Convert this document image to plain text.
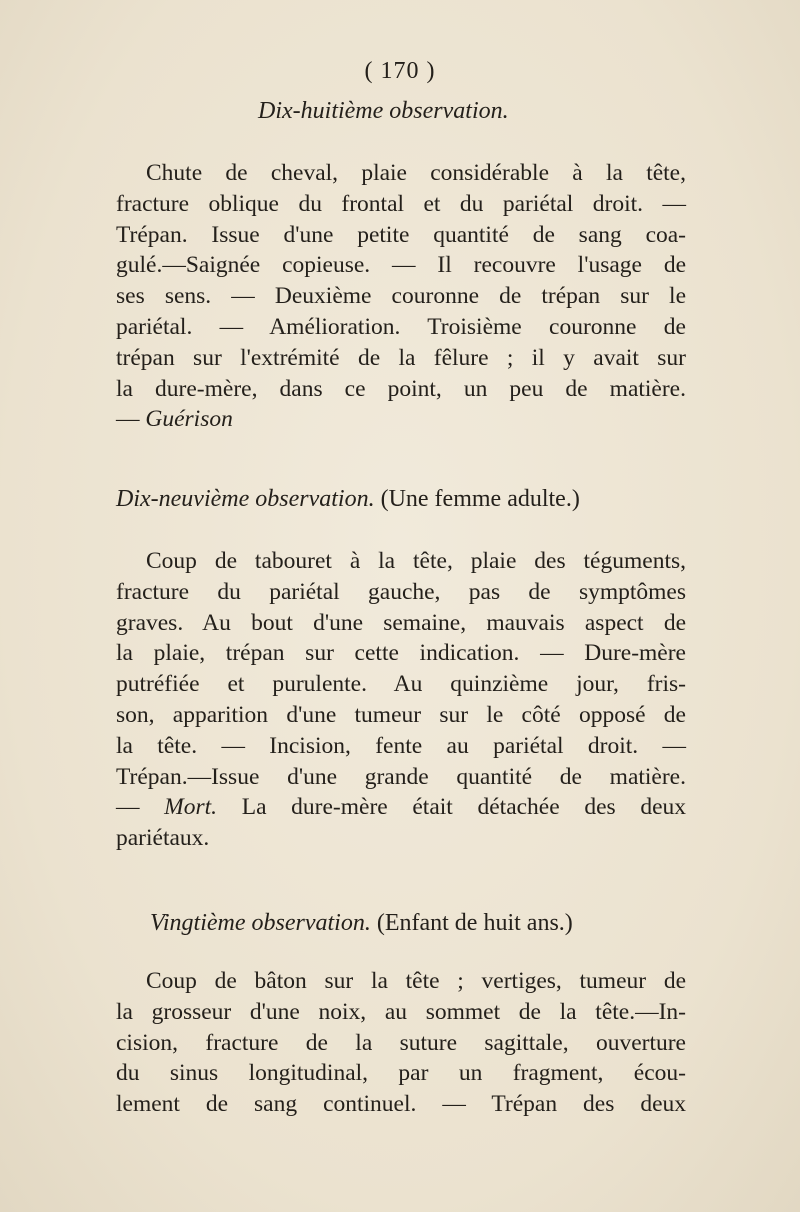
( 170 )
Dix-huitième observation.
Chute de cheval, plaie considérable à la tête,
fracture oblique du frontal et du pariétal droit. —
Trépan. Issue d'une petite quantité de sang coa-
gulé.—Saignée copieuse. — Il recouvre l'usage de
ses sens. — Deuxième couronne de trépan sur le
pariétal. — Amélioration. Troisième couronne de
trépan sur l'extrémité de la fêlure ; il y avait sur
la dure-mère, dans ce point, un peu de matière.
— Guérison
Dix-neuvième observation. (Une femme adulte.)
Coup de tabouret à la tête, plaie des téguments,
fracture du pariétal gauche, pas de symptômes
graves. Au bout d'une semaine, mauvais aspect de
la plaie, trépan sur cette indication. — Dure-mère
putréfiée et purulente. Au quinzième jour, fris-
son, apparition d'une tumeur sur le côté opposé de
la tête. — Incision, fente au pariétal droit. —
Trépan.—Issue d'une grande quantité de matière.
— Mort. La dure-mère était détachée des deux
pariétaux.
Vingtième observation. (Enfant de huit ans.)
Coup de bâton sur la tête ; vertiges, tumeur de
la grosseur d'une noix, au sommet de la tête.—In-
cision, fracture de la suture sagittale, ouverture
du sinus longitudinal, par un fragment, écou-
lement de sang continuel. — Trépan des deux
